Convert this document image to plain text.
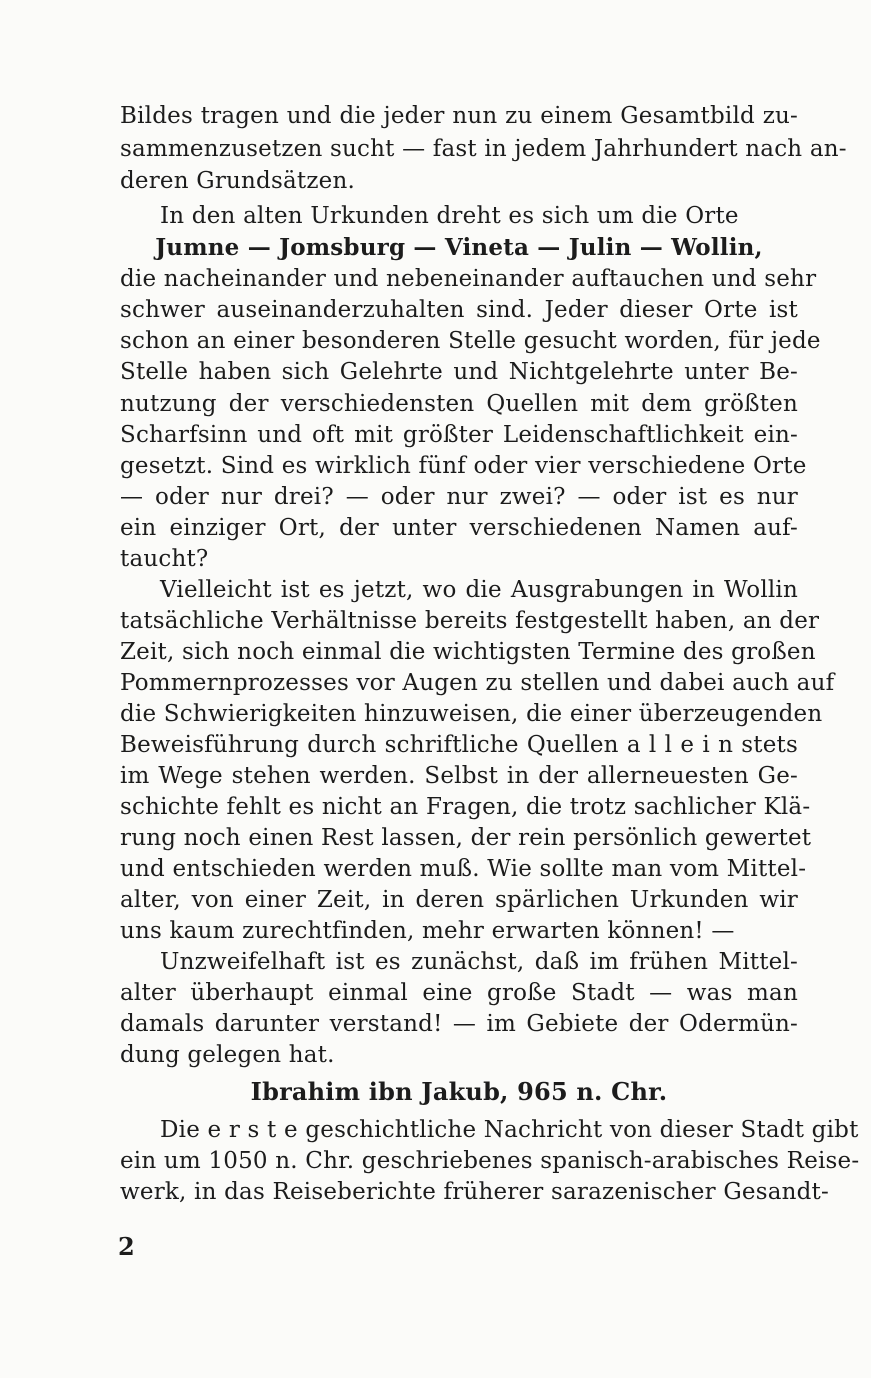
Bildes tragen und die jeder nun zu einem Gesamtbild zu-
sammenzusetzen sucht — fast in jedem Jahrhundert nach an-
deren Grundsätzen.
In den alten Urkunden dreht es sich um die Orte
Jumne — Jomsburg — Vineta — Julin — Wollin,
die nacheinander und nebeneinander auftauchen und sehr
schwer auseinanderzuhalten sind. Jeder dieser Orte ist
schon an einer besonderen Stelle gesucht worden, für jede
Stelle haben sich Gelehrte und Nichtgelehrte unter Be-
nutzung der verschiedensten Quellen mit dem größten
Scharfsinn und oft mit größter Leidenschaftlichkeit ein-
gesetzt. Sind es wirklich fünf oder vier verschiedene Orte
— oder nur drei? — oder nur zwei? — oder ist es nur
ein einziger Ort, der unter verschiedenen Namen auf-
taucht?
Vielleicht ist es jetzt, wo die Ausgrabungen in Wollin
tatsächliche Verhältnisse bereits festgestellt haben, an der
Zeit, sich noch einmal die wichtigsten Termine des großen
Pommernprozesses vor Augen zu stellen und dabei auch auf
die Schwierigkeiten hinzuweisen, die einer überzeugenden
Beweisführung durch schriftliche Quellen a l l e i n stets
im Wege stehen werden. Selbst in der allerneuesten Ge-
schichte fehlt es nicht an Fragen, die trotz sachlicher Klä-
rung noch einen Rest lassen, der rein persönlich gewertet
und entschieden werden muß. Wie sollte man vom Mittel-
alter, von einer Zeit, in deren spärlichen Urkunden wir
uns kaum zurechtfinden, mehr erwarten können! —
Unzweifelhaft ist es zunächst, daß im frühen Mittel-
alter überhaupt einmal eine große Stadt — was man
damals darunter verstand! — im Gebiete der Odermün-
dung gelegen hat.
Ibrahim ibn Jakub, 965 n. Chr.
Die e r s t e geschichtliche Nachricht von dieser Stadt gibt
ein um 1050 n. Chr. geschriebenes spanisch-arabisches Reise-
werk, in das Reiseberichte früherer sarazenischer Gesandt-
2
